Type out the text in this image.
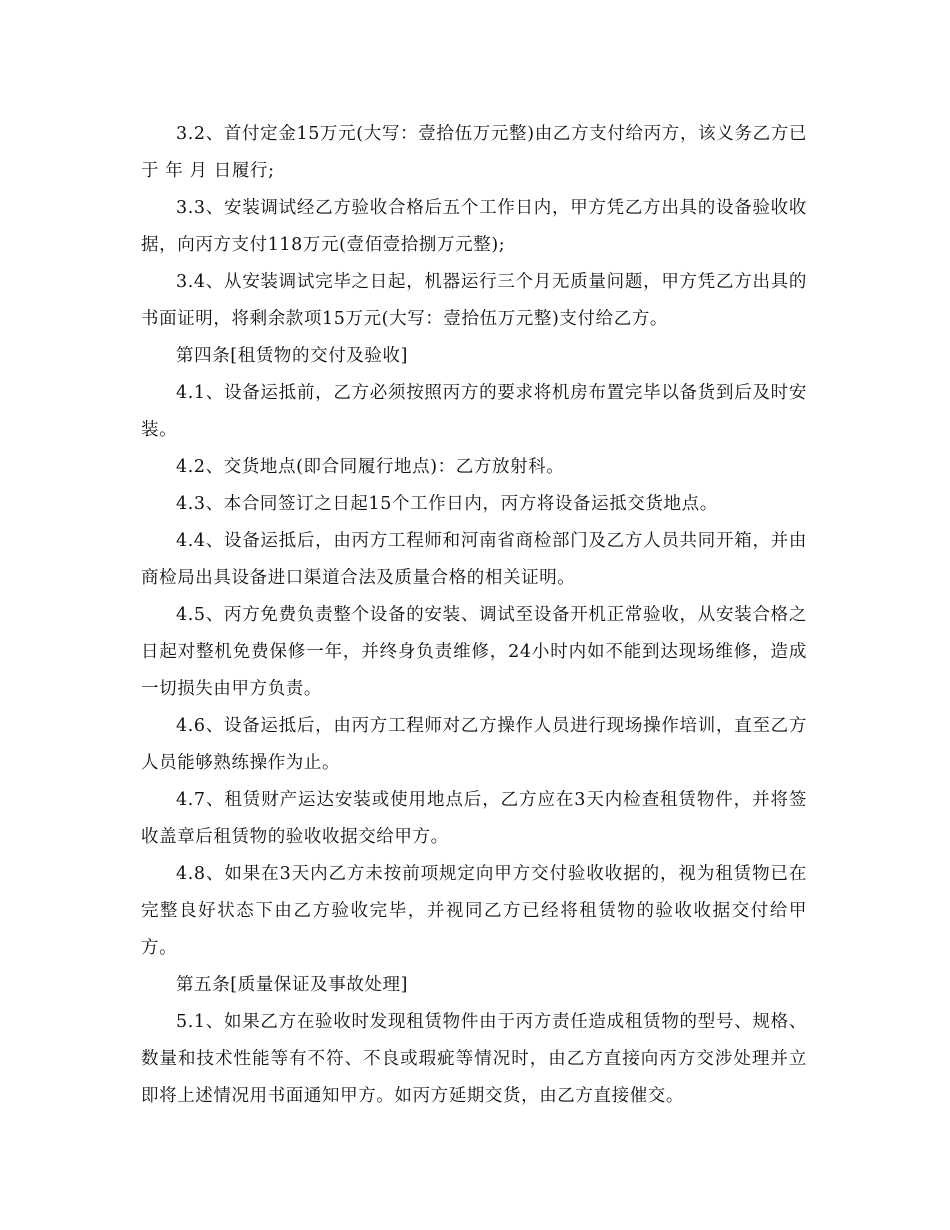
3.2、首付定金15万元(大写：壹拾伍万元整)由乙方支付给丙方，该义务乙方已于 年 月 日履行;

3.3、安装调试经乙方验收合格后五个工作日内，甲方凭乙方出具的设备验收收据，向丙方支付118万元(壹佰壹拾捌万元整);

3.4、从安装调试完毕之日起，机器运行三个月无质量问题，甲方凭乙方出具的书面证明，将剩余款项15万元(大写：壹拾伍万元整)支付给乙方。

第四条[租赁物的交付及验收]

4.1、设备运抵前，乙方必须按照丙方的要求将机房布置完毕以备货到后及时安装。

4.2、交货地点(即合同履行地点)：乙方放射科。

4.3、本合同签订之日起15个工作日内，丙方将设备运抵交货地点。

4.4、设备运抵后，由丙方工程师和河南省商检部门及乙方人员共同开箱，并由商检局出具设备进口渠道合法及质量合格的相关证明。

4.5、丙方免费负责整个设备的安装、调试至设备开机正常验收，从安装合格之日起对整机免费保修一年，并终身负责维修，24小时内如不能到达现场维修，造成一切损失由甲方负责。

4.6、设备运抵后，由丙方工程师对乙方操作人员进行现场操作培训，直至乙方人员能够熟练操作为止。

4.7、租赁财产运达安装或使用地点后，乙方应在3天内检查租赁物件，并将签收盖章后租赁物的验收收据交给甲方。

4.8、如果在3天内乙方未按前项规定向甲方交付验收收据的，视为租赁物已在完整良好状态下由乙方验收完毕，并视同乙方已经将租赁物的验收收据交付给甲方。

第五条[质量保证及事故处理]

5.1、如果乙方在验收时发现租赁物件由于丙方责任造成租赁物的型号、规格、数量和技术性能等有不符、不良或瑕疵等情况时，由乙方直接向丙方交涉处理并立即将上述情况用书面通知甲方。如丙方延期交货，由乙方直接催交。
